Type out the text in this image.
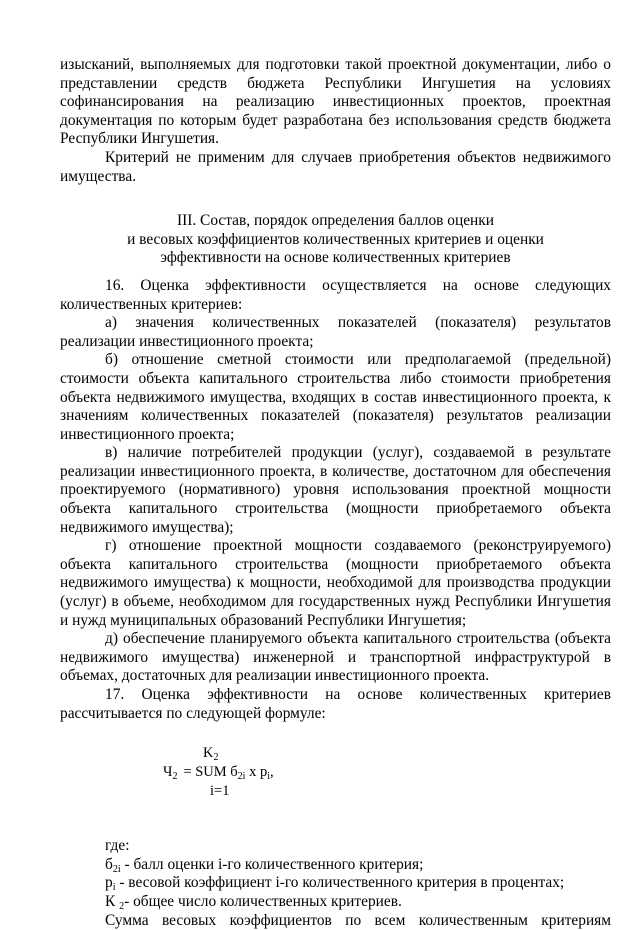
изысканий, выполняемых для подготовки такой проектной документации, либо о представлении средств бюджета Республики Ингушетия на условиях софинансирования на реализацию инвестиционных проектов, проектная документация по которым будет разработана без использования средств бюджета Республики Ингушетия.

Критерий не применим для случаев приобретения объектов недвижимого имущества.

III. Состав, порядок определения баллов оценки
и весовых коэффициентов количественных критериев и оценки
эффективности на основе количественных критериев

16. Оценка эффективности осуществляется на основе следующих количественных критериев:

а) значения количественных показателей (показателя) результатов реализации инвестиционного проекта;

б) отношение сметной стоимости или предполагаемой (предельной) стоимости объекта капитального строительства либо стоимости приобретения объекта недвижимого имущества, входящих в состав инвестиционного проекта, к значениям количественных показателей (показателя) результатов реализации инвестиционного проекта;

в) наличие потребителей продукции (услуг), создаваемой в результате реализации инвестиционного проекта, в количестве, достаточном для обеспечения проектируемого (нормативного) уровня использования проектной мощности объекта капитального строительства (мощности приобретаемого объекта недвижимого имущества);

г) отношение проектной мощности создаваемого (реконструируемого) объекта капитального строительства (мощности приобретаемого объекта недвижимого имущества) к мощности, необходимой для производства продукции (услуг) в объеме, необходимом для государственных нужд Республики Ингушетия и нужд муниципальных образований Республики Ингушетия;

д) обеспечение планируемого объекта капитального строительства (объекта недвижимого имущества) инженерной и транспортной инфраструктурой в объемах, достаточных для реализации инвестиционного проекта.

17. Оценка эффективности на основе количественных критериев рассчитывается по следующей формуле:

$K_2$
$Ч_2$ = SUM $б_{2i}$ x $p_i$,
i=1
где:
$б_{2i}$ - балл оценки i-го количественного критерия;
$p_i$ - весовой коэффициент i-го количественного критерия в процентах;
К $_2$- общее число количественных критериев.

Сумма весовых коэффициентов по всем количественным критериям
